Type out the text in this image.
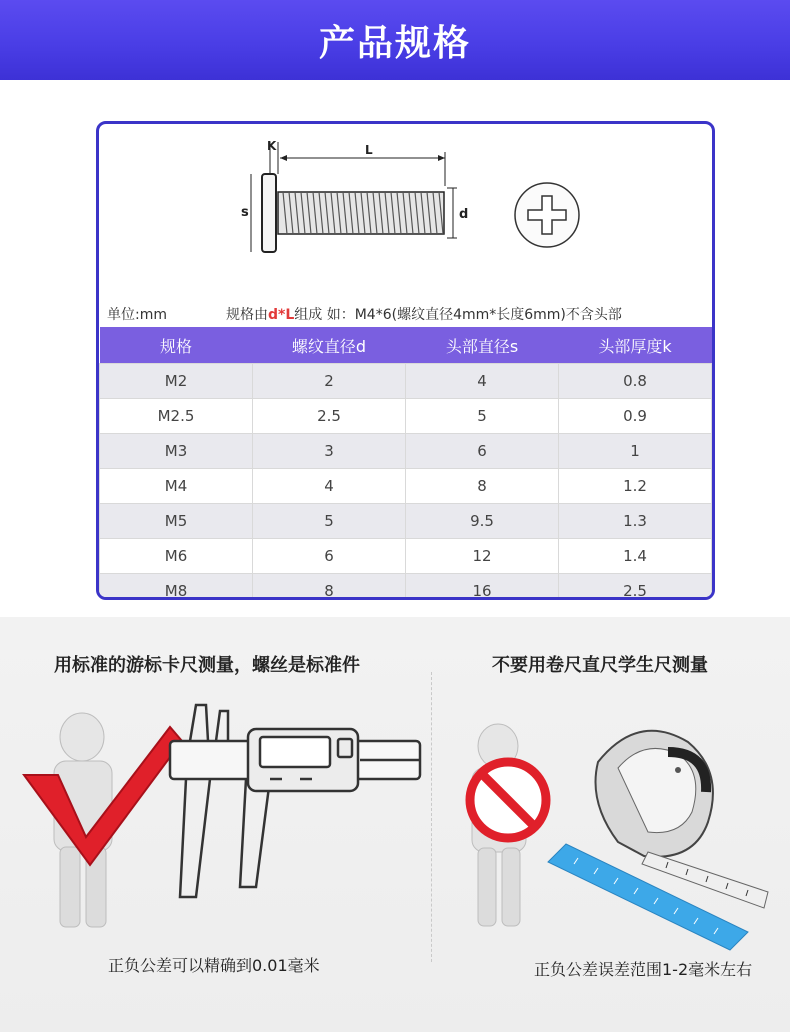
产品规格
K	L
s	d
单位:mm	规格由d*L组成 如：M4*6(螺纹直径4mm*长度6mm)不含头部
规格	螺纹直径d	头部直径s	头部厚度k
M2	2	4	0.8
M2.5	2.5	5	0.9
M3	3	6	1
M4	4	8	1.2
M5	5	9.5	1.3
M6	6	12	1.4
M8	8	16	2.5
用标准的游标卡尺测量，螺丝是标准件	不要用卷尺直尺学生尺测量
正负公差可以精确到0.01毫米	正负公差误差范围1-2毫米左右
